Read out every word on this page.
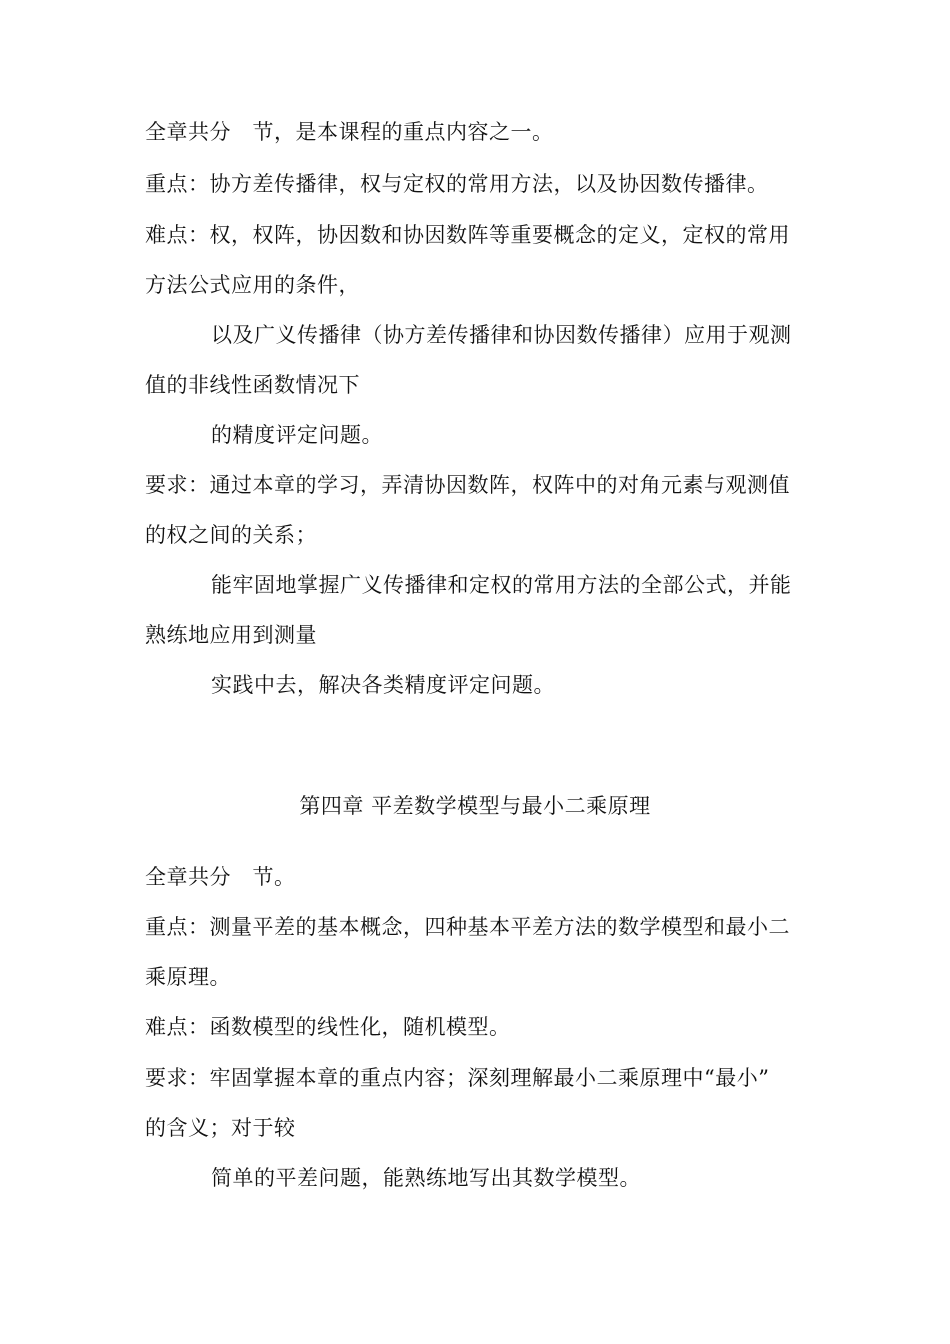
全章共分　节，是本课程的重点内容之一。
重点：协方差传播律，权与定权的常用方法，以及协因数传播律。
难点：权，权阵，协因数和协因数阵等重要概念的定义，定权的常用
方法公式应用的条件，
以及广义传播律（协方差传播律和协因数传播律）应用于观测
值的非线性函数情况下
的精度评定问题。
要求：通过本章的学习，弄清协因数阵，权阵中的对角元素与观测值
的权之间的关系；
能牢固地掌握广义传播律和定权的常用方法的全部公式，并能
熟练地应用到测量
实践中去，解决各类精度评定问题。
第四章 平差数学模型与最小二乘原理
全章共分　节。
重点：测量平差的基本概念，四种基本平差方法的数学模型和最小二
乘原理。
难点：函数模型的线性化，随机模型。
要求：牢固掌握本章的重点内容；深刻理解最小二乘原理中“最小”
的含义；对于较
简单的平差问题，能熟练地写出其数学模型。
